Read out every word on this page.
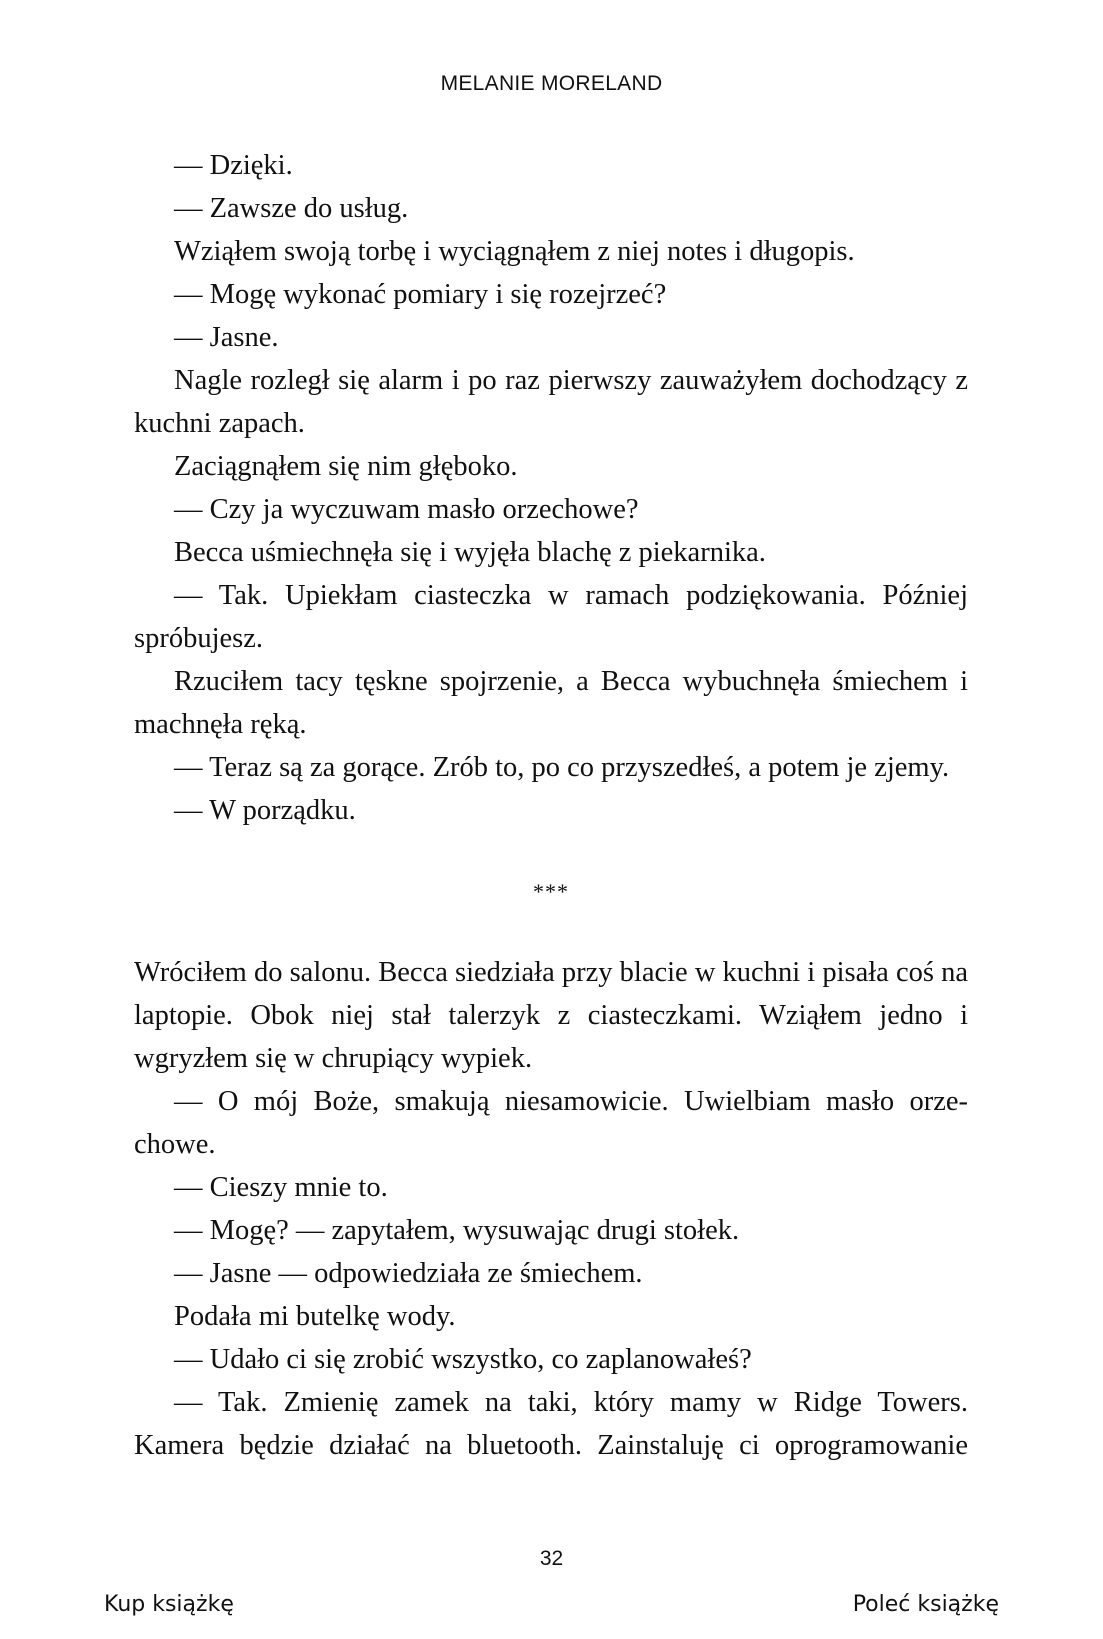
MELANIE MORELAND

— Dzięki.

— Zawsze do usług.

Wziąłem swoją torbę i wyciągnąłem z niej notes i długopis.

— Mogę wykonać pomiary i się rozejrzeć?

— Jasne.

Nagle rozległ się alarm i po raz pierwszy zauważyłem dochodzący z kuchni zapach.

Zaciągnąłem się nim głęboko.

— Czy ja wyczuwam masło orzechowe?

Becca uśmiechnęła się i wyjęła blachę z piekarnika.

— Tak. Upiekłam ciasteczka w ramach podziękowania. Później spróbujesz.

Rzuciłem tacy tęskne spojrzenie, a Becca wybuchnęła śmiechem i machnęła ręką.

— Teraz są za gorące. Zrób to, po co przyszedłeś, a potem je zjemy.

— W porządku.

***

Wróciłem do salonu. Becca siedziała przy blacie w kuchni i pisała coś na laptopie. Obok niej stał talerzyk z ciasteczkami. Wziąłem jedno i wgryzłem się w chrupiący wypiek.

— O mój Boże, smakują niesamowicie. Uwielbiam masło orzechowe.

— Cieszy mnie to.

— Mogę? — zapytałem, wysuwając drugi stołek.

— Jasne — odpowiedziała ze śmiechem.

Podała mi butelkę wody.

— Udało ci się zrobić wszystko, co zaplanowałeś?

— Tak. Zmienię zamek na taki, który mamy w Ridge Towers. Kamera będzie działać na bluetooth. Zainstaluję ci oprogramowanie

32
Kup książkę	Poleć książkę
